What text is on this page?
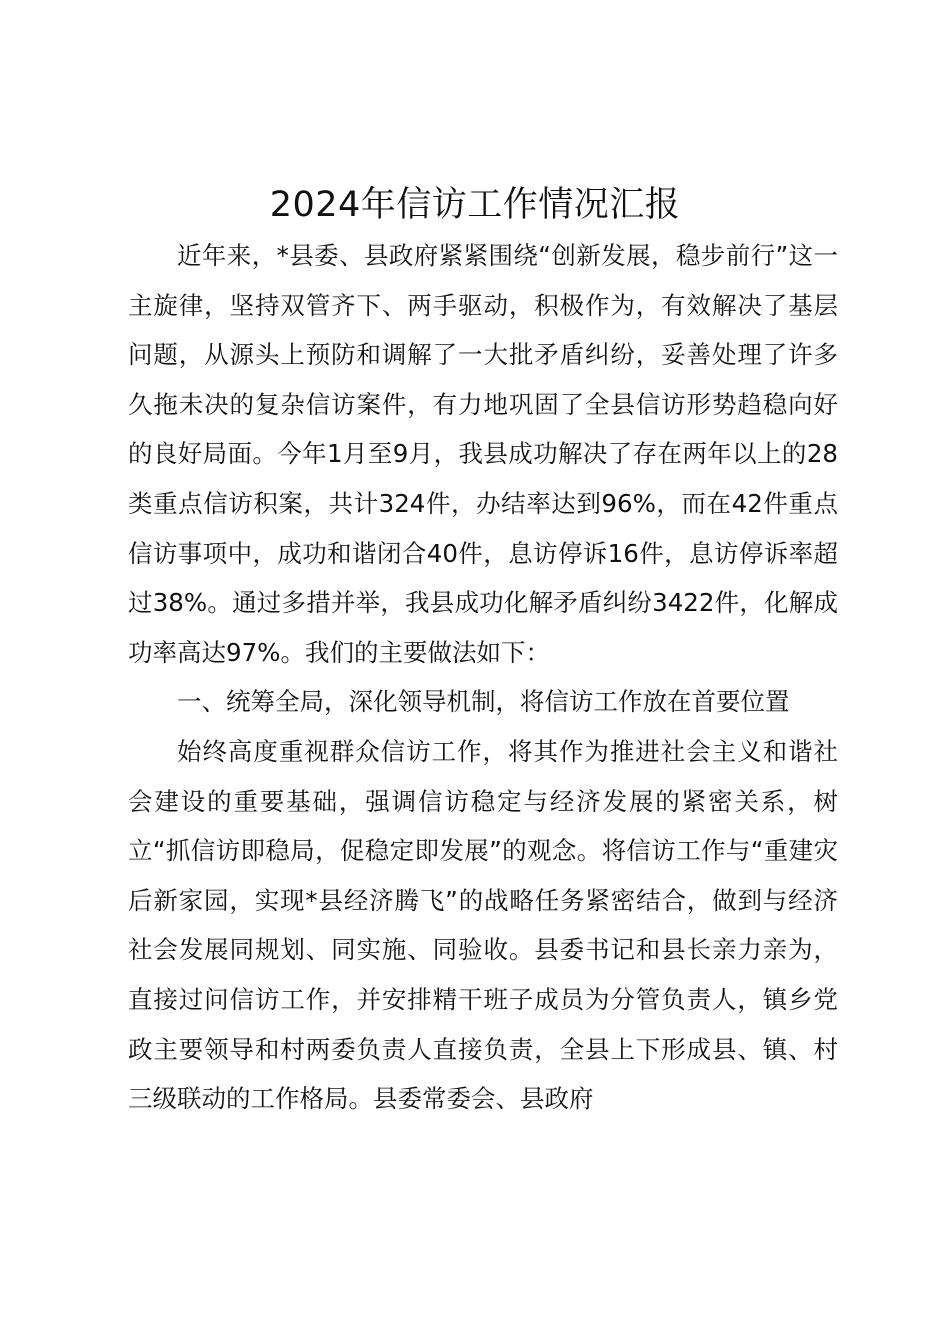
2024年信访工作情况汇报

近年来，*县委、县政府紧紧围绕“创新发展，稳步前行”这一主旋律，坚持双管齐下、两手驱动，积极作为，有效解决了基层问题，从源头上预防和调解了一大批矛盾纠纷，妥善处理了许多久拖未决的复杂信访案件，有力地巩固了全县信访形势趋稳向好的良好局面。今年1月至9月，我县成功解决了存在两年以上的28类重点信访积案，共计324件，办结率达到96%，而在42件重点信访事项中，成功和谐闭合40件，息访停诉16件，息访停诉率超过38%。通过多措并举，我县成功化解矛盾纠纷3422件，化解成功率高达97%。我们的主要做法如下：

一、统筹全局，深化领导机制，将信访工作放在首要位置

始终高度重视群众信访工作，将其作为推进社会主义和谐社会建设的重要基础，强调信访稳定与经济发展的紧密关系，树立“抓信访即稳局，促稳定即发展”的观念。将信访工作与“重建灾后新家园，实现*县经济腾飞”的战略任务紧密结合，做到与经济社会发展同规划、同实施、同验收。县委书记和县长亲力亲为，直接过问信访工作，并安排精干班子成员为分管负责人，镇乡党政主要领导和村两委负责人直接负责，全县上下形成县、镇、村三级联动的工作格局。县委常委会、县政府
